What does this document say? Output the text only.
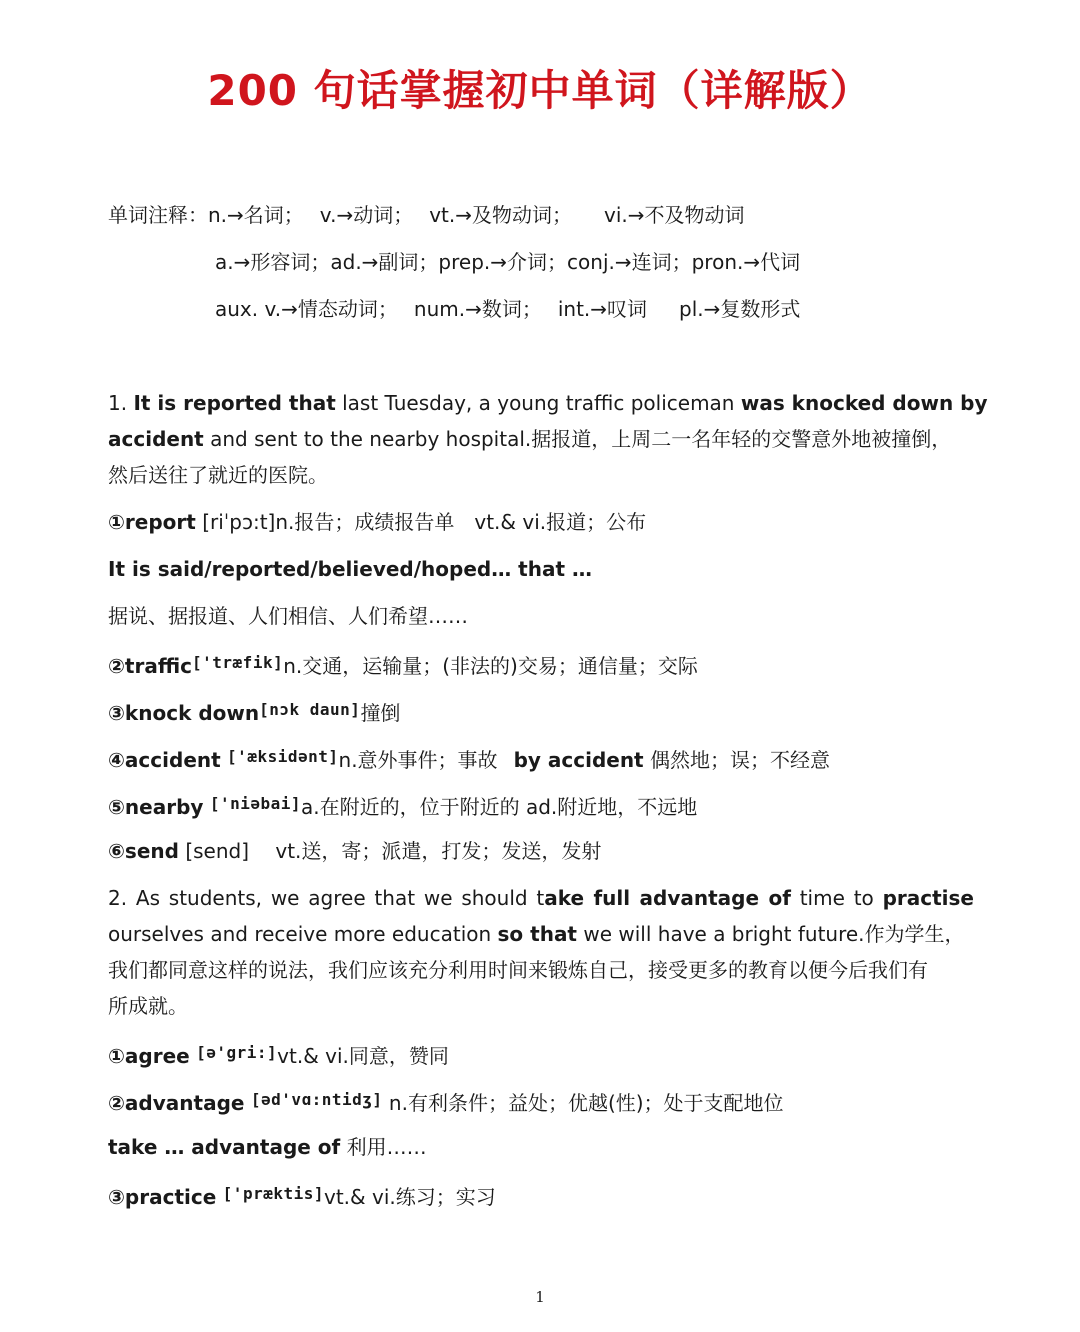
200 句话掌握初中单词（详解版）
单词注释：n.→名词； v.→动词； vt.→及物动词； vi.→不及物动词
a.→形容词；ad.→副词；prep.→介词；conj.→连词；pron.→代词
aux. v.→情态动词； num.→数词； int.→叹词 pl.→复数形式
1. It is reported that last Tuesday, a young traffic policeman was knocked down by
accident and sent to the nearby hospital.据报道，上周二一名年轻的交警意外地被撞倒，
然后送往了就近的医院。
①report [riˈpɔ:t]n.报告；成绩报告单　vt.& vi.报道；公布
It is said/reported/believed/hoped… that …
据说、据报道、人们相信、人们希望……
②traffic['træfik]n.交通，运输量；(非法的)交易；通信量；交际
③knock down[nɔk daun]撞倒
④accident ['æksidənt]n.意外事件；事故 by accident 偶然地；误；不经意
⑤nearby ['niəbai]a.在附近的，位于附近的 ad.附近地，不远地
⑥send [send]　 vt.送，寄；派遣，打发；发送，发射
2. As students, we agree that we should take full advantage of time to practise
ourselves and receive more education so that we will have a bright future.作为学生，
我们都同意这样的说法，我们应该充分利用时间来锻炼自己，接受更多的教育以便今后我们有
所成就。
①agree [ə'gri:]vt.& vi.同意，赞同
②advantage [əd'vɑ:ntidʒ] n.有利条件；益处；优越(性)；处于支配地位
take … advantage of 利用……
③practice ['præktis]vt.& vi.练习；实习
1
